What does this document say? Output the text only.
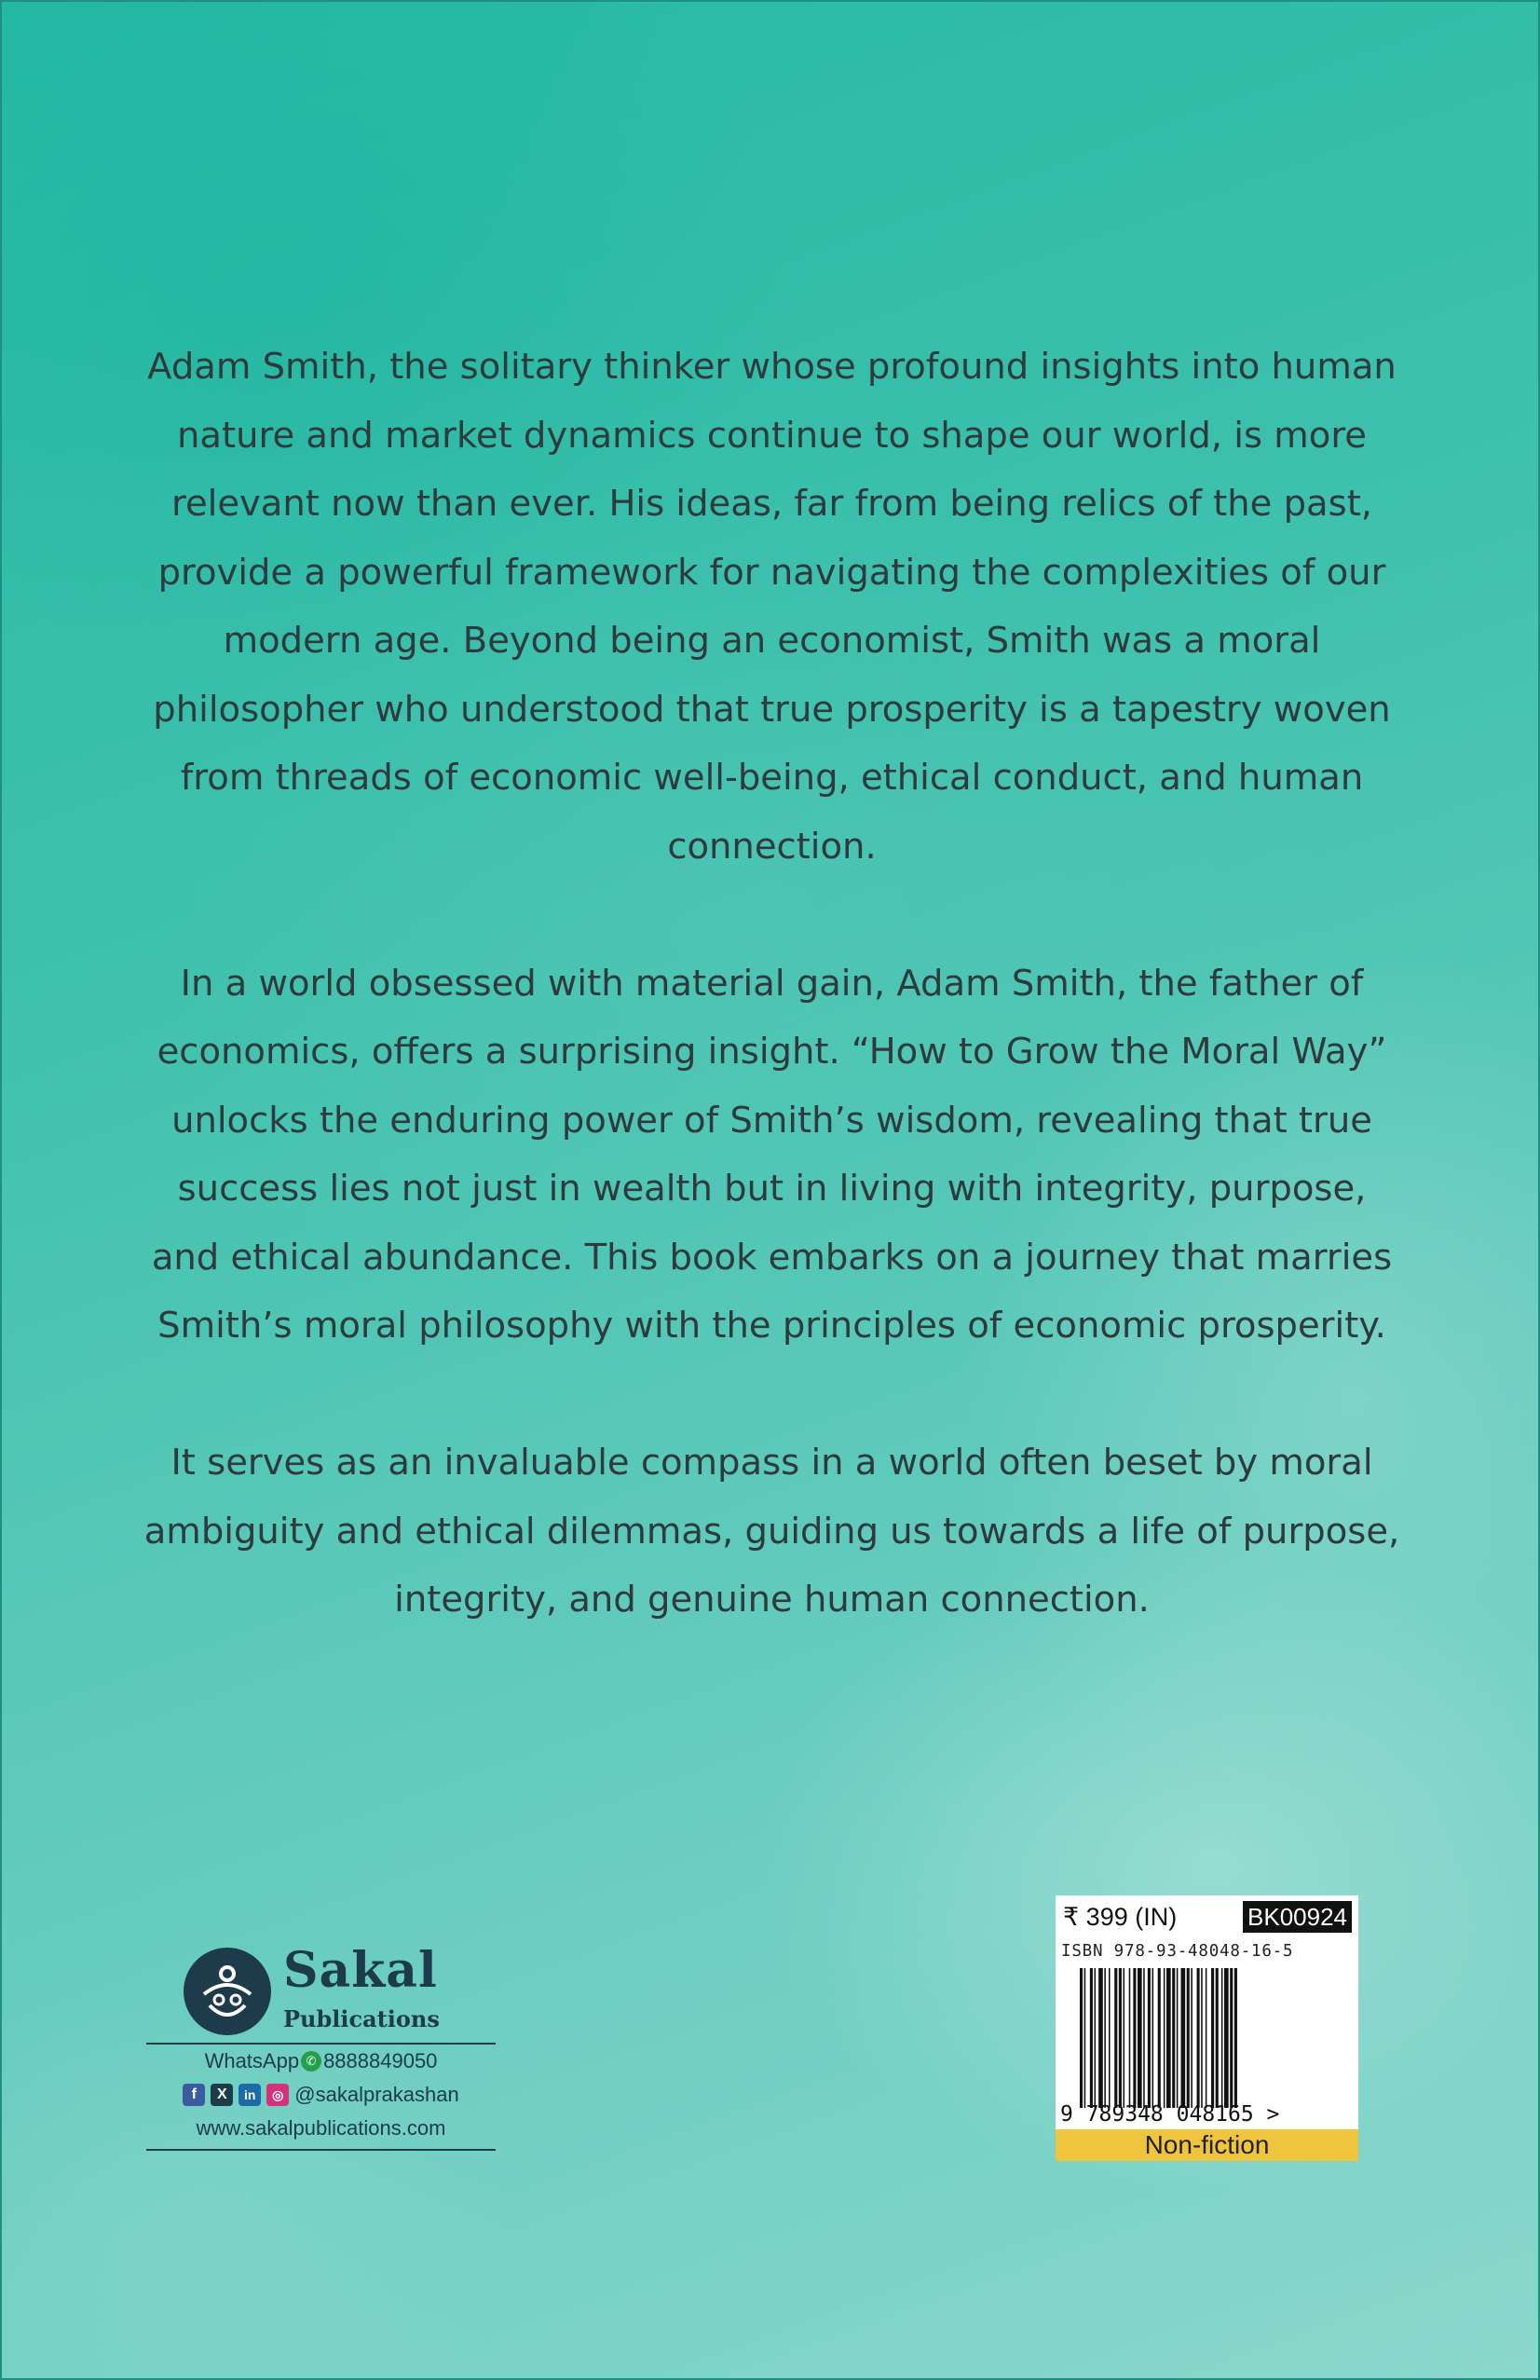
Adam Smith, the solitary thinker whose profound insights into human nature and market dynamics continue to shape our world, is more relevant now than ever. His ideas, far from being relics of the past, provide a powerful framework for navigating the complexities of our modern age. Beyond being an economist, Smith was a moral philosopher who understood that true prosperity is a tapestry woven from threads of economic well-being, ethical conduct, and human connection.

In a world obsessed with material gain, Adam Smith, the father of economics, offers a surprising insight. “How to Grow the Moral Way” unlocks the enduring power of Smith’s wisdom, revealing that true success lies not just in wealth but in living with integrity, purpose, and ethical abundance. This book embarks on a journey that marries Smith’s moral philosophy with the principles of economic prosperity.

It serves as an invaluable compass in a world often beset by moral ambiguity and ethical dilemmas, guiding us towards a life of purpose, integrity, and genuine human connection.

Sakal
Publications
WhatsApp ✆ 8888849050
f	X	in	◎ @sakalprakashan
www.sakalpublications.com
₹ 399 (IN)	BK00924
ISBN 978-93-48048-16-5
9 789348 048165 >
Non-fiction
